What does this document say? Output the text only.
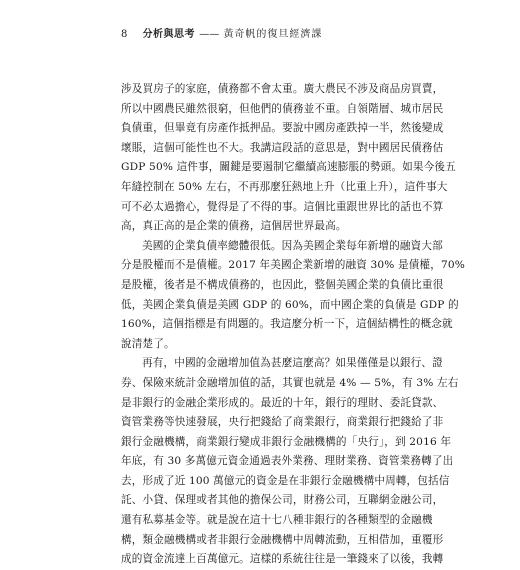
8 分析與思考 —— 黃奇帆的復旦經濟課

涉及買房子的家庭，債務都不會太重。廣大農民不涉及商品房買賣，
所以中國農民雖然很窮，但他們的債務並不重。自領階層、城市居民
負債重，但畢竟有房產作抵押品。要說中國房產跌掉一半，然後變成
壞賬，這個可能性也不大。我講這段話的意思是，對中國居民債務估
GDP 50% 這件事，關鍵是要遏制它繼續高速膨脹的勢頭。如果今後五
年縫控制在 50% 左右，不再那麼狂熱地上升（比重上升），這件事大
可不必太過擔心，覺得是了不得的事。這個比重跟世界比的話也不算
高，真正高的是企業的債務，這個居世界最高。

美國的企業負債率總體很低。因為美國企業每年新增的融資大部
分是股權而不是債權。2017 年美國企業新增的融資 30% 是債權，70%
是股權，後者是不構成債務的，也因此，整個美國企業的負債比重很
低，美國企業負債是美國 GDP 的 60%，而中國企業的負債是 GDP 的
160%，這個指標是有問題的。我這麼分析一下，這個結構性的概念就
說清楚了。

再有，中國的金融增加值為甚麼這麼高？如果僅僅是以銀行、證
券、保險來統計金融增加值的話，其實也就是 4% — 5%，有 3% 左右
是非銀行的金融企業形成的。最近的十年，銀行的理財、委託貸款、
資管業務等快速發展，央行把錢給了商業銀行，商業銀行把錢給了非
銀行金融機構，商業銀行變成非銀行金融機構的「央行」，到 2016 年
年底，有 30 多萬億元資金通過表外業務、理財業務、資管業務轉了出
去，形成了近 100 萬億元的資金是在非銀行金融機構中周轉，包括信
託、小貸、保理或者其他的擔保公司，財務公司，互聯網金融公司，
還有私募基金等。就是說在這十七八種非銀行的各種類型的金融機
構，類金融機構或者非銀行金融機構中周轉流動，互相借加，重覆形
成的資金流達上百萬億元。這樣的系統往往是一筆錢來了以後，我轉
